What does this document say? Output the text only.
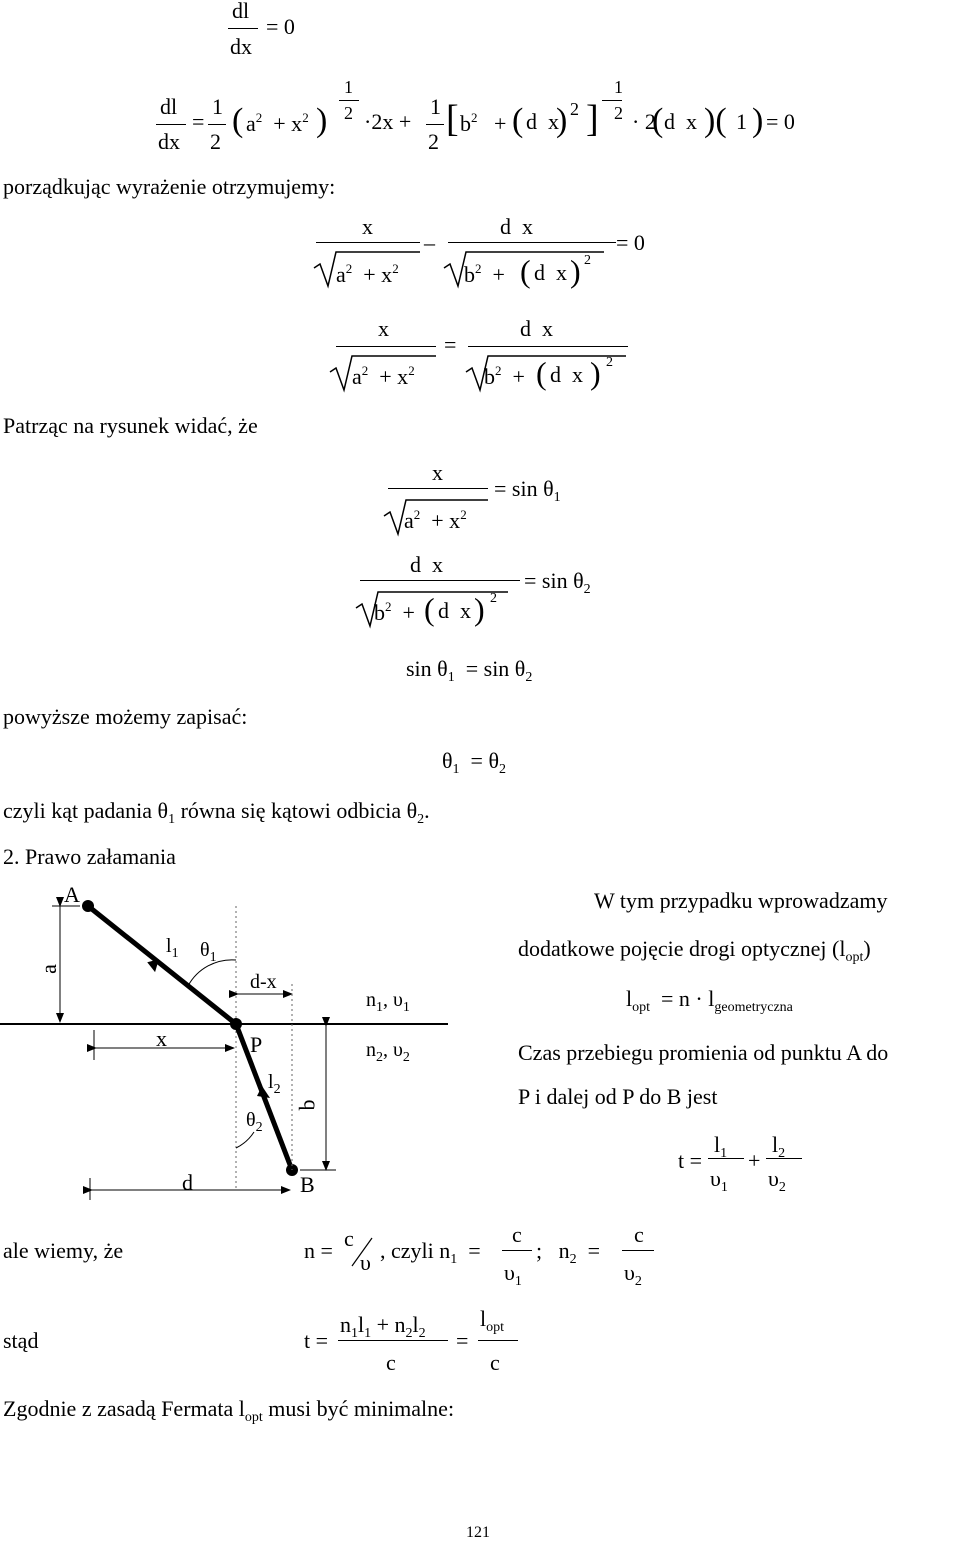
dl
dx
= 0
dl
dx
=
1
2
( $a^2 + x^2$ )
1
2 ·2x +
1
2
[ $b^2$   + ( d  x
) 2 ]
1
2 · 2
( d  x )( 1 ) = 0
porządkując wyrażenie otrzymujemy:
x
–
d  x
= 0
$a^2 + x^2$	$b^2$  + ( d  x ) 2
x
=
d  x
$a^2 + x^2$	$b^2$  + ( d  x ) 2
Patrząc na rysunek widać, że
x
= $\sin \theta_1$
$a^2 + x^2$
d  x
= $\sin \theta_2$
$b^2$  + ( d  x ) 2
$\sin \theta_1 = \sin \theta_2$
powyższe możemy zapisać:
$\theta_1 = \theta_2$
czyli kąt padania $\theta_1$ równa się kątowi odbicia $\theta_2$.
2. Prawo załamania
A
B
P
a
b
x
d
d-x
$l_1$ $\theta_1$
$l_2$
$\theta_2$
$n_1$, $\upsilon_1$
$n_2$, $\upsilon_2$
W tym przypadku wprowadzamy
dodatkowe pojęcie drogi optycznej $(l_{opt})$
$l_{opt} = n \cdot l_{geometryczna}$
Czas przebiegu promienia od punktu A do
P i dalej od P do B jest
t =
$l_1$
$\upsilon_1$
+
$l_2$
$\upsilon_2$
ale wiemy, że	n = c
υ , czyli $n_1$  =
c
$\upsilon_1$
;   $n_2$  =
c
$\upsilon_2$
stąd	t =
$n_1l_1 + n_2l_2$
c
=
$l_{opt}$
c
Zgodnie z zasadą Fermata $l_{opt}$ musi być minimalne:
121
